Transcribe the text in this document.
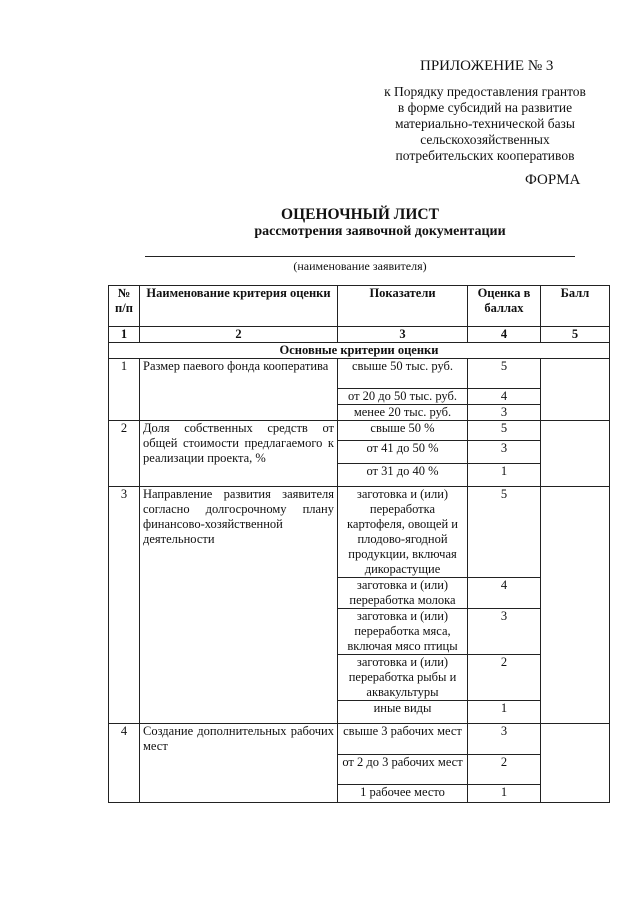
ПРИЛОЖЕНИЕ № 3
к Порядку предоставления грантов
в форме субсидий на развитие
материально-технической базы
сельскохозяйственных
потребительских кооперативов
ФОРМА
ОЦЕНОЧНЫЙ ЛИСТ
рассмотрения заявочной документации
(наименование заявителя)
№ п/п	Наименование критерия оценки	Показатели	Оценка в баллах	Балл
1	2	3	4	5
Основные критерии оценки				
1	Размер паевого фонда кооператива	свыше 50 тыс. руб.	5	
		от 20 до 50 тыс. руб.	4	
		менее 20 тыс. руб.	3	
2	Доля собственных средств от общей стоимости предлагаемого к реализации проекта, %	свыше 50 %	5	
		от 41 до 50 %	3	
		от 31 до 40 %	1	
3	Направление развития заявителя согласно долгосрочному плану финансово-хозяйственной деятельности	заготовка и (или) переработка картофеля, овощей и плодово-ягодной продукции, включая дикорастущие	5	
		заготовка и (или) переработка молока	4	
		заготовка и (или) переработка мяса, включая мясо птицы	3	
		заготовка и (или) переработка рыбы и аквакультуры	2	
		иные виды	1	
4	Создание дополнительных рабочих мест	свыше 3 рабочих мест	3	
		от 2 до 3 рабочих мест	2	
		1 рабочее место	1	
